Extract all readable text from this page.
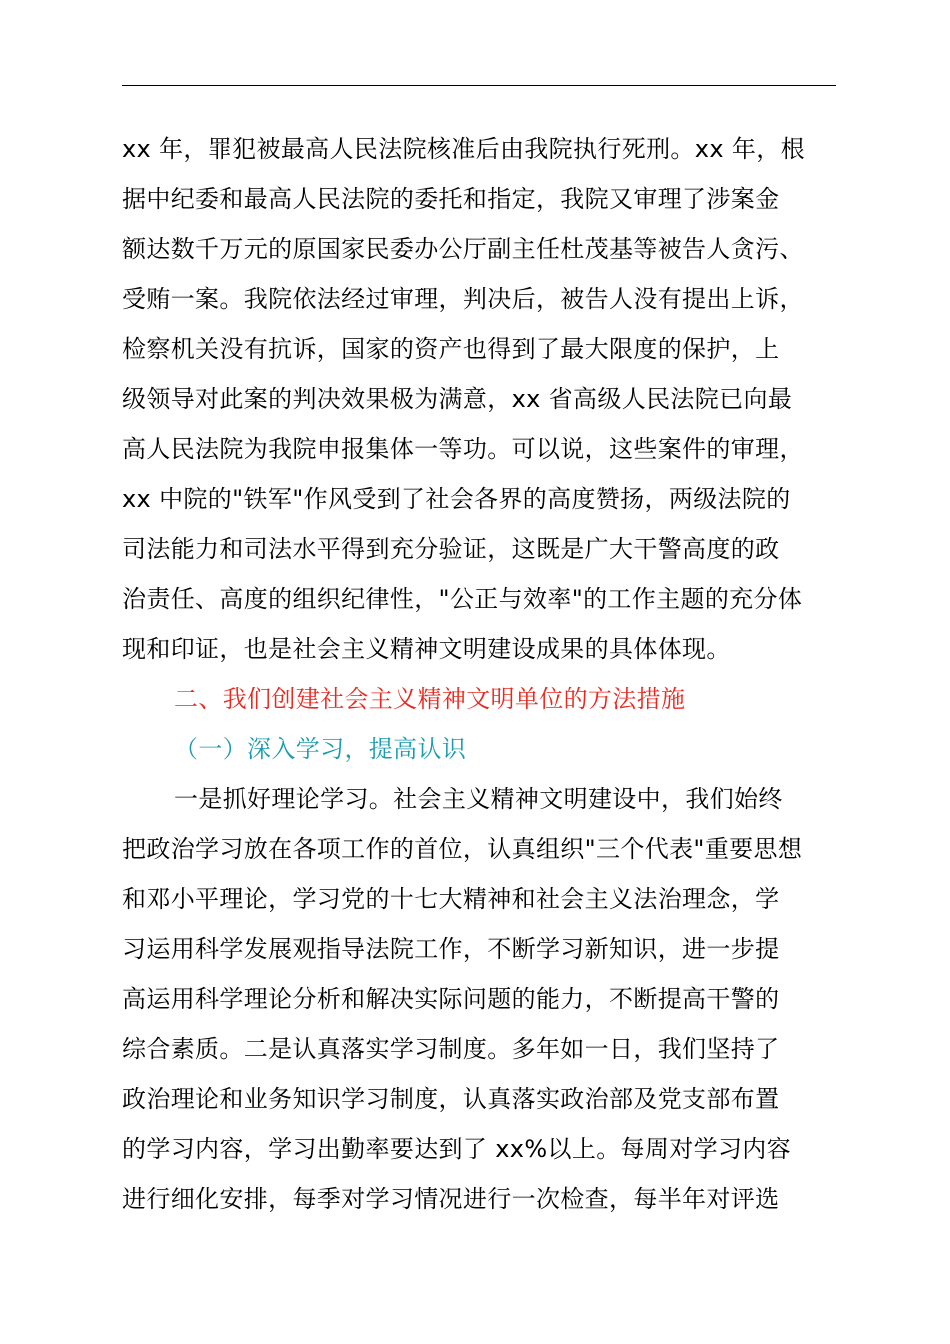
xx 年，罪犯被最高人民法院核准后由我院执行死刑。xx 年，根
据中纪委和最高人民法院的委托和指定，我院又审理了涉案金
额达数千万元的原国家民委办公厅副主任杜茂基等被告人贪污、
受贿一案。我院依法经过审理，判决后，被告人没有提出上诉，
检察机关没有抗诉，国家的资产也得到了最大限度的保护，上
级领导对此案的判决效果极为满意，xx 省高级人民法院已向最
高人民法院为我院申报集体一等功。可以说，这些案件的审理，
xx 中院的"铁军"作风受到了社会各界的高度赞扬，两级法院的
司法能力和司法水平得到充分验证，这既是广大干警高度的政
治责任、高度的组织纪律性，"公正与效率"的工作主题的充分体
现和印证，也是社会主义精神文明建设成果的具体体现。
二、我们创建社会主义精神文明单位的方法措施
（一）深入学习，提高认识
一是抓好理论学习。社会主义精神文明建设中，我们始终
把政治学习放在各项工作的首位，认真组织"三个代表"重要思想
和邓小平理论，学习党的十七大精神和社会主义法治理念，学
习运用科学发展观指导法院工作，不断学习新知识，进一步提
高运用科学理论分析和解决实际问题的能力，不断提高干警的
综合素质。二是认真落实学习制度。多年如一日，我们坚持了
政治理论和业务知识学习制度，认真落实政治部及党支部布置
的学习内容，学习出勤率要达到了 xx%以上。每周对学习内容
进行细化安排，每季对学习情况进行一次检查，每半年对评选
